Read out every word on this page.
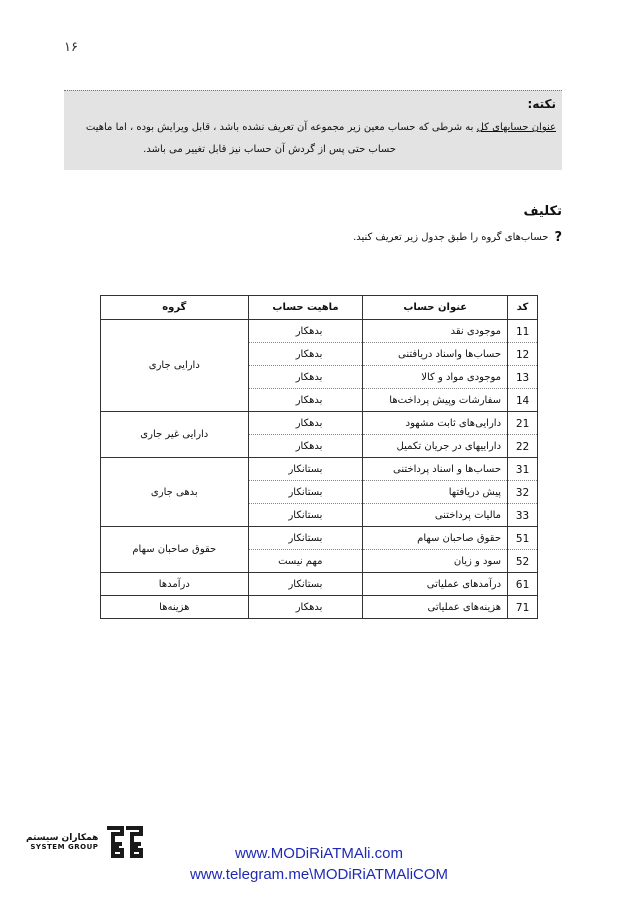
۱۶
نکته:
عنوان حسابهای کل به شرطی که حساب معین زیر مجموعه آن تعریف نشده باشد ، قابل ویرایش بوده ، اما ماهیت
حساب حتی پس از گردش آن حساب نیز قابل تغییر می باشد.
تکلیف
?
حساب‌های گروه را طبق جدول زیر تعریف کنید.
کد	عنوان حساب	ماهیت حساب	گروه
11	موجودی نقد	بدهکار	دارایی جاری
12	حساب‌ها واسناد دریافتنی	بدهکار	

13	موجودی مواد و کالا	بدهکار	

14	سفارشات وپیش پرداخت‌ها	بدهکار	

21	دارایی‌های ثابت مشهود	بدهکار	دارایی غیر جاری
22	داراییهای در جریان تکمیل	بدهکار	

31	حساب‌ها و اسناد پرداختنی	بستانکار	بدهی جاری
32	پیش دریافتها	بستانکار	

33	مالیات پرداختنی	بستانکار	

51	حقوق صاحبان سهام	بستانکار	حقوق صاحبان سهام
52	سود و زیان	مهم نیست	

61	درآمدهای عملیاتی	بستانکار	درآمدها
71	هزینه‌های عملیاتی	بدهکار	هزینه‌ها
همکاران سیستم
SYSTEM GROUP	www.MODiRiATMAli.com
www.telegram.me\MODiRiATMAliCOM
